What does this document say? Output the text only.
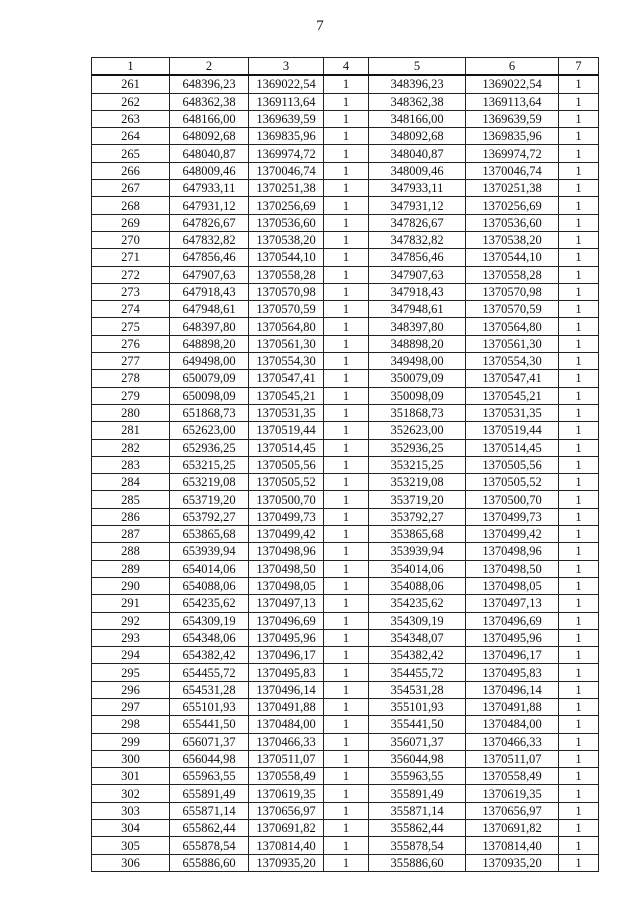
7
1	2	3	4	5	6	7
261	648396,23	1369022,54	1	348396,23	1369022,54	1
262	648362,38	1369113,64	1	348362,38	1369113,64	1
263	648166,00	1369639,59	1	348166,00	1369639,59	1
264	648092,68	1369835,96	1	348092,68	1369835,96	1
265	648040,87	1369974,72	1	348040,87	1369974,72	1
266	648009,46	1370046,74	1	348009,46	1370046,74	1
267	647933,11	1370251,38	1	347933,11	1370251,38	1
268	647931,12	1370256,69	1	347931,12	1370256,69	1
269	647826,67	1370536,60	1	347826,67	1370536,60	1
270	647832,82	1370538,20	1	347832,82	1370538,20	1
271	647856,46	1370544,10	1	347856,46	1370544,10	1
272	647907,63	1370558,28	1	347907,63	1370558,28	1
273	647918,43	1370570,98	1	347918,43	1370570,98	1
274	647948,61	1370570,59	1	347948,61	1370570,59	1
275	648397,80	1370564,80	1	348397,80	1370564,80	1
276	648898,20	1370561,30	1	348898,20	1370561,30	1
277	649498,00	1370554,30	1	349498,00	1370554,30	1
278	650079,09	1370547,41	1	350079,09	1370547,41	1
279	650098,09	1370545,21	1	350098,09	1370545,21	1
280	651868,73	1370531,35	1	351868,73	1370531,35	1
281	652623,00	1370519,44	1	352623,00	1370519,44	1
282	652936,25	1370514,45	1	352936,25	1370514,45	1
283	653215,25	1370505,56	1	353215,25	1370505,56	1
284	653219,08	1370505,52	1	353219,08	1370505,52	1
285	653719,20	1370500,70	1	353719,20	1370500,70	1
286	653792,27	1370499,73	1	353792,27	1370499,73	1
287	653865,68	1370499,42	1	353865,68	1370499,42	1
288	653939,94	1370498,96	1	353939,94	1370498,96	1
289	654014,06	1370498,50	1	354014,06	1370498,50	1
290	654088,06	1370498,05	1	354088,06	1370498,05	1
291	654235,62	1370497,13	1	354235,62	1370497,13	1
292	654309,19	1370496,69	1	354309,19	1370496,69	1
293	654348,06	1370495,96	1	354348,07	1370495,96	1
294	654382,42	1370496,17	1	354382,42	1370496,17	1
295	654455,72	1370495,83	1	354455,72	1370495,83	1
296	654531,28	1370496,14	1	354531,28	1370496,14	1
297	655101,93	1370491,88	1	355101,93	1370491,88	1
298	655441,50	1370484,00	1	355441,50	1370484,00	1
299	656071,37	1370466,33	1	356071,37	1370466,33	1
300	656044,98	1370511,07	1	356044,98	1370511,07	1
301	655963,55	1370558,49	1	355963,55	1370558,49	1
302	655891,49	1370619,35	1	355891,49	1370619,35	1
303	655871,14	1370656,97	1	355871,14	1370656,97	1
304	655862,44	1370691,82	1	355862,44	1370691,82	1
305	655878,54	1370814,40	1	355878,54	1370814,40	1
306	655886,60	1370935,20	1	355886,60	1370935,20	1
